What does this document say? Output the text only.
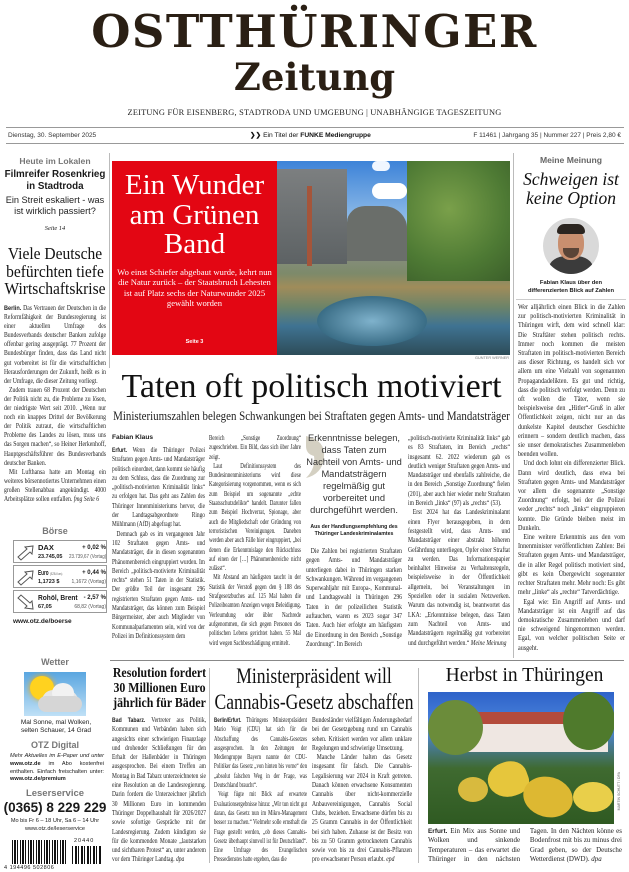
OSTTHÜRINGER
Zeitung
ZEITUNG FÜR EISENBERG, STADTRODA UND UMGEBUNG | UNABHÄNGIGE TAGESZEITUNG
Dienstag, 30. September 2025	❯❯ Ein Titel der FUNKE Mediengruppe	F 11461 | Jahrgang 35 | Nummer 227 | Preis 2,80 €
Heute im Lokalen
Filmreifer Rosenkrieg in Stadtroda
Ein Streit eskaliert - was ist wirklich passiert?
Seite 14
Viele Deutsche befürchten tiefe Wirtschaftskrise

Berlin. Das Vertrauen der Deutschen in die Reformfähigkeit der Bundesregierung ist einer aktuellen Umfrage des Bundesverbands deutscher Banken zufolge offenbar gering ausgeprägt. 77 Prozent der Bundesbürger finden, dass das Land nicht gut vorbereitet ist für die wirtschaftlichen Herausforderungen der Zukunft, heißt es in der Umfrage, die dieser Zeitung vorliegt.

Zudem trauen 68 Prozent der Deutschen der Politik nicht zu, die Probleme zu lösen, der niedrigste Wert seit 2010. „Wenn nur noch ein knappes Drittel der Bevölkerung der Politik zutraut, die wirtschaftlichen Probleme des Landes zu lösen, muss uns das Sorgen machen“, so Heiner Herkenhoff, Hauptgeschäftsführer des Bundesverbands deutscher Banken.

Mit Lufthansa hatte am Montag ein weiteres börsennotiertes Unternehmen einen großen Stellenabbau angekündigt. 4000 Arbeitsplätze sollen entfallen. fmg Seite 6

Börse
DAX	+ 0,02 %
23.745,05	23.739,67 (Vortag)
Euro (EZB-Kurs)	+ 0,44 %
1,1723 $	1,1672 (Vortag)
Rohöl, Brent	- 2,57 %
67,05	68,82 (Vortag)
www.otz.de/boerse
Wetter
Mal Sonne, mal Wolken, selten Schauer, 14 Grad
OTZ Digital
Mehr Aktuelles im E-Paper und unter www.otz.de im Abo kostenfrei enthalten. Einfach freischalten unter: www.otz.de/premium
Leserservice
(0365) 8 229 229
Mo bis Fr 6 – 18 Uhr, Sa 6 – 14 Uhr
www.otz.de/leserservice
20440
4 194496 502806
Ein Wunder am Grünen Band
Wo einst Schiefer abgebaut wurde, kehrt nun die Natur zurück – der Staatsbruch Lehesten ist auf Platz sechs der Naturwunder 2025 gewählt worden
Seite 3
GUNTER WERNER
Taten oft politisch motiviert
Ministeriumszahlen belegen Schwankungen bei Straftaten gegen Amts- und Mandatsträger
Fabian Klaus

Erfurt. Wenn die Thüringer Polizei Straftaten gegen Amts- und Mandatsträger politisch einordnet, dann kommt sie häufig zu dem Schluss, dass die Zuordnung zur „politisch-motivierten Kriminalität links“ zu erfolgen hat. Das geht aus Zahlen des Thüringer Innenministeriums hervor, die der Landtagsabgeordnete Ringo Mühlmann (AfD) abgefragt hat.

Demnach gab es im vergangenen Jahr 102 Straftaten gegen Amts- und Mandatsträger, die in diesen sogenannten Phänomenbereich eingruppiert wurden. Im Bereich „politisch-motivierte Kriminalität rechts“ stehen 51 Taten in der Statistik. Der größte Teil der insgesamt 296 registrierten Straftaten gegen Amts- und Mandatsträger, das können zum Beispiel Bürgermeister, aber auch Mitglieder von Kommunalparlamenten sein, wird von der Polizei im Definitionssystem dem

Bereich „Sonstige Zuordnung“ zugeschrieben. Ein Bild, dass sich über Jahre zeigt.

Laut Definitionssystem des Bundesinnenministeriums wird diese Kategorisierung vorgenommen, wenn es sich zum Beispiel um sogenannte „echte Staatsschutzdelikte“ handelt. Darunter fallen zum Beispiel Hochverrat, Spionage, aber auch die Mitgliedschaft oder Gründung von terroristischen Vereinigungen. Daneben werden aber auch Fälle hier eingruppiert, „bei denen die Erkenntnislage den Rückschluss auf einen der […] Phänomenbereiche nicht zulässt“.

Mit Abstand am häufigsten taucht in der Statistik der Verstoß gegen den § 188 des Strafgesetzbuches auf. 125 Mal haben die Polizeibeamten Anzeigen wegen Beleidigung, Verleumdung oder übler Nachrede aufgenommen, die sich gegen Personen des politischen Lebens gerichtet haben. 55 Mal wird wegen Sachbeschädigung ermittelt.

Erkenntnisse belegen, dass Taten zum Nachteil von Amts- und Mandatsträgern regelmäßig gut vorbereitet und durchgeführt werden.
Aus der Handlungsempfehlung des Thüringer Landeskriminalamtes

Die Zahlen bei registrierten Straftaten gegen Amts- und Mandatsträger unterliegen dabei in Thüringen starken Schwankungen. Während im vergangenen Superwahljahr mit Europa-, Kommunal- und Landtagswahl in Thüringen 296 Taten in der polizeilichen Statistik auftauchen, waren es 2023 sogar 347 Taten. Auch hier erfolgte am häufigsten die Einordnung in den Bereich „Sonstige Zuordnung“. Im Bereich

„politisch-motivierte Kriminalität links“ gab es 83 Straftaten, im Bereich „rechts“ insgesamt 62. 2022 wiederum gab es deutlich weniger Straftaten gegen Amts- und Mandatsträger und ebenfalls zahlreiche, die in den Bereich „Sonstige Zuordnung“ fielen (201), aber auch hier wieder mehr Straftaten im Bereich „links“ (97) als „rechts“ (53).

Erst 2024 hat das Landeskriminalamt einen Flyer herausgegeben, in dem festgestellt wird, dass Amts- und Mandatsträger einer abstrakt höheren Gefährdung unterliegen, Opfer einer Straftat zu werden. Das Informationspapier beinhaltet Hinweise zu Verhaltensregeln, beispielsweise in der Öffentlichkeit allgemein, bei Veranstaltungen im Speziellen oder in sozialen Netzwerken. Warum das notwendig ist, beantwortet das LKA: „Erkenntnisse belegen, dass Taten zum Nachteil von Amts- und Mandatsträgern regelmäßig gut vorbereitet und durchgeführt werden.“ Meine Meinung

Meine Meinung
Schweigen ist keine Option
Fabian Klaus über den differenzierten Blick auf Zahlen

Wer alljährlich einen Blick in die Zahlen zur politisch-motivierten Kriminalität in Thüringen wirft, dem wird schnell klar: Die Straftäter stehen politisch rechts. Immer noch kommen die meisten Straftaten im politisch-motivierten Bereich aus dieser Richtung, es handelt sich vor allem um eine Vielzahl von sogenannten Propagandadelikten. Es gut und richtig, dass die politisch verfolgt werden. Denn zu oft wollen die Täter, wenn sie beispielsweise den „Hitler“-Gruß in aller Öffentlichkeit zeigen, nicht nur an das dunkelste Kapitel deutscher Geschichte erinnern – sondern deutlich machen, dass sie unser demokratisches Zusammenleben beenden wollen.

Und doch lohnt ein differenzierter Blick. Dann wird deutlich, dass etwa bei Straftaten gegen Amts- und Mandatsträger vor allem die sogenannte „Sonstige Zuordnung“ erfolgt, bei der die Polizei weder „rechts“ noch „links“ eingruppieren konnte. Die Gründe bleiben meist im Dunkeln.

Eine weitere Erkenntnis aus den vom Innenminister veröffentlichten Zahlen: Bei Straftaten gegen Amts- und Mandatsträger, die in aller Regel politisch motiviert sind, gibt es kein Übergewicht sogenannter rechter Straftaten mehr. Mehr noch: Es gibt mehr „linke“ als „rechte“ Tatverdächtige.

Egal wie: Ein Angriff auf Amts- und Mandatsträger ist ein Angriff auf das demokratische Zusammenleben und darf nie schweigend hingenommen werden. Egal, von welcher politischen Seite er ausgeht.

Resolution fordert 30 Millionen Euro jährlich für Bäder

Bad Tabarz. Vertreter aus Politik, Kommunen und Verbänden haben sich angesichts einer schwierigen Finanzlage und drohender Schließungen für den Erhalt der Hallenbäder in Thüringen ausgesprochen. Bei einem Treffen am Montag in Bad Tabarz unterzeichneten sie eine Resolution an die Landesregierung. Darin fordern die Unterzeichner jährlich 30 Millionen Euro im kommenden Thüringer Doppelhaushalt für 2026/2027 sowie sofortige Gespräche mit der Landesregierung. Zudem kündigten sie für die kommenden Monate „lautstarken und sichtbaren Protest“ an, unter anderem vor dem Thüringer Landtag. dpa

Ministerpräsident will Cannabis-Gesetz abschaffen

Berlin/Erfurt. Thüringens Ministerpräsident Mario Voigt (CDU) hat sich für die Abschaffung des Cannabis-Gesetzes ausgesprochen. In den Zeitungen der Mediengruppe Bayern nannte der CDU-Politiker das Gesetz „von hinten bis vorne“ den „absolut falschen Weg in der Frage, was Deutschland braucht“.

Voigt fügte mit Blick auf erwartete Evaluationsergebnisse hinzu: „Wir tun nicht gut daran, das Gesetz nun im Mikro-Management besser zu machen.“ Vielmehr solle ernsthaft die Frage gestellt werden, „ob dieses Cannabis-Gesetz überhaupt sinnvoll ist für Deutschland“. Eine Umfrage des Evangelischen Pressedienstes hatte ergeben, dass die

Bundesländer vielfältigen Änderungsbedarf bei der Gesetzgebung rund um Cannabis sehen. Kritisiert werden vor allem unklare Regelungen und schwierige Umsetzung.

Manche Länder halten das Gesetz insgesamt für falsch. Die Cannabis-Legalisierung war 2024 in Kraft getreten. Danach können erwachsene Konsumenten Cannabis über nicht-kommerzielle Anbauvereinigungen, Cannabis Social Clubs, beziehen. Erwachsene dürfen bis zu 25 Gramm Cannabis in der Öffentlichkeit bei sich haben. Zuhause ist der Besitz von bis zu 50 Gramm getrocknetem Cannabis sowie von bis zu drei Cannabis-Pflanzen pro erwachsener Person erlaubt. epd

Herbst in Thüringen
MARTIN SCHUTT / DPA

Erfurt. Ein Mix aus Sonne und Wolken und sinkende Temperaturen – das erwartet die Thüringer in den nächsten Tagen. In den Nächten könne es Bodenfrost mit bis zu minus drei Grad geben, so der Deutsche Wetterdienst (DWD). dpa
